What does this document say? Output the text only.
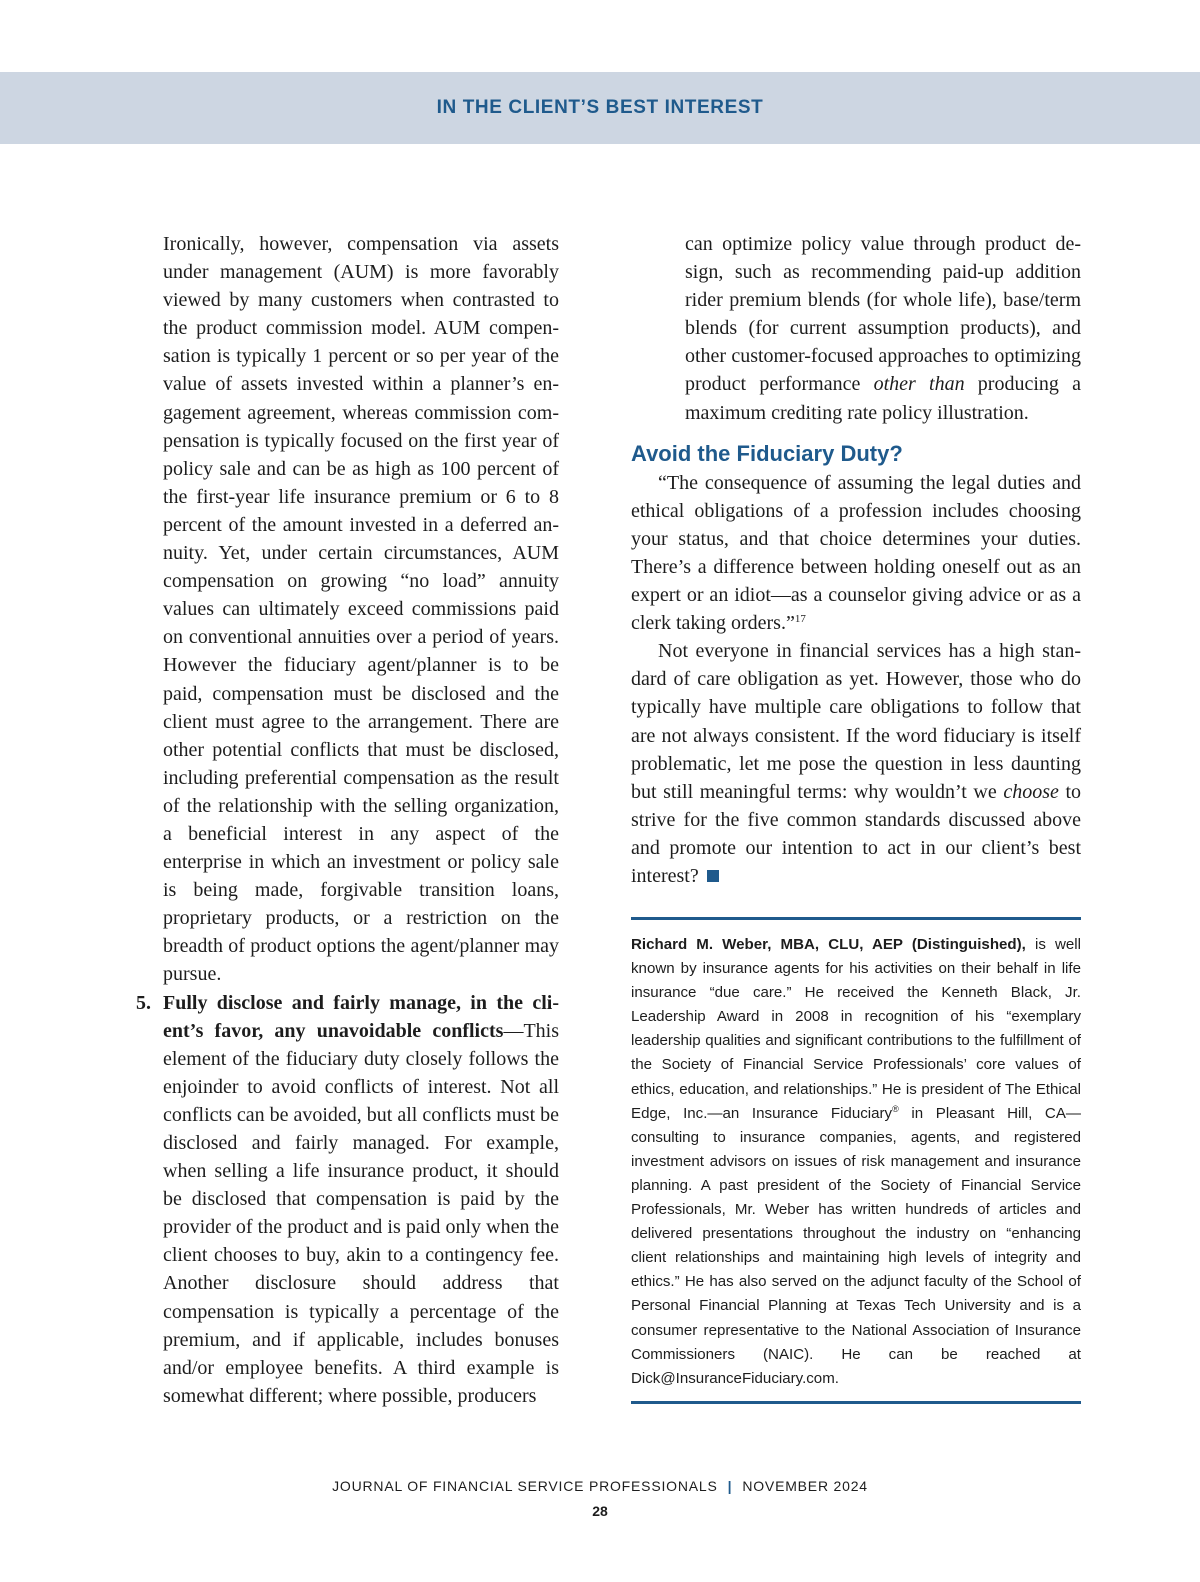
IN THE CLIENT’S BEST INTEREST

Ironically, however, compensation via assets under management (AUM) is more favorably viewed by many customers when contrasted to the product commission model. AUM compensation is typically 1 percent or so per year of the value of assets invested within a planner’s engagement agreement, whereas commission compensation is typically focused on the first year of policy sale and can be as high as 100 percent of the first-year life insurance premium or 6 to 8 percent of the amount invested in a deferred annuity. Yet, under certain circumstances, AUM compensation on growing “no load” annuity values can ultimately exceed commissions paid on conventional annuities over a period of years. However the fiduciary agent/planner is to be paid, compensation must be disclosed and the client must agree to the arrangement. There are other potential conflicts that must be disclosed, including preferential compensation as the result of the relationship with the selling organization, a beneficial interest in any aspect of the enterprise in which an investment or policy sale is being made, forgivable transition loans, proprietary products, or a restriction on the breadth of product options the agent/planner may pursue.

5. Fully disclose and fairly manage, in the client’s favor, any unavoidable conflicts—This element of the fiduciary duty closely follows the enjoinder to avoid conflicts of interest. Not all conflicts can be avoided, but all conflicts must be disclosed and fairly managed. For example, when selling a life insurance product, it should be disclosed that compensation is paid by the provider of the product and is paid only when the client chooses to buy, akin to a contingency fee. Another disclosure should address that compensation is typically a percentage of the premium, and if applicable, includes bonuses and/or employee benefits. A third example is somewhat different; where possible, producers

can optimize policy value through product design, such as recommending paid-up addition rider premium blends (for whole life), base/term blends (for current assumption products), and other customer-focused approaches to optimizing product performance other than producing a maximum crediting rate policy illustration.

Avoid the Fiduciary Duty?

“The consequence of assuming the legal duties and ethical obligations of a profession includes choosing your status, and that choice determines your duties. There’s a difference between holding oneself out as an expert or an idiot—as a counselor giving advice or as a clerk taking orders.”$^{17}$

Not everyone in financial services has a high standard of care obligation as yet. However, those who do typically have multiple care obligations to follow that are not always consistent. If the word fiduciary is itself problematic, let me pose the question in less daunting but still meaningful terms: why wouldn’t we choose to strive for the five common standards discussed above and promote our intention to act in our client’s best interest?

Richard M. Weber, MBA, CLU, AEP (Distinguished), is well known by insurance agents for his activities on their behalf in life insurance “due care.” He received the Kenneth Black, Jr. Leadership Award in 2008 in recognition of his “exemplary leadership qualities and significant contributions to the fulfillment of the Society of Financial Service Professionals’ core values of ethics, education, and relationships.” He is president of The Ethical Edge, Inc.—an Insurance Fiduciary® in Pleasant Hill, CA—consulting to insurance companies, agents, and registered investment advisors on issues of risk management and insurance planning. A past president of the Society of Financial Service Professionals, Mr. Weber has written hundreds of articles and delivered presentations throughout the industry on “enhancing client relationships and maintaining high levels of integrity and ethics.” He has also served on the adjunct faculty of the School of Personal Financial Planning at Texas Tech University and is a consumer representative to the National Association of Insurance Commissioners (NAIC). He can be reached at Dick@InsuranceFiduciary.com.

JOURNAL OF FINANCIAL SERVICE PROFESSIONALS | NOVEMBER 2024
28
